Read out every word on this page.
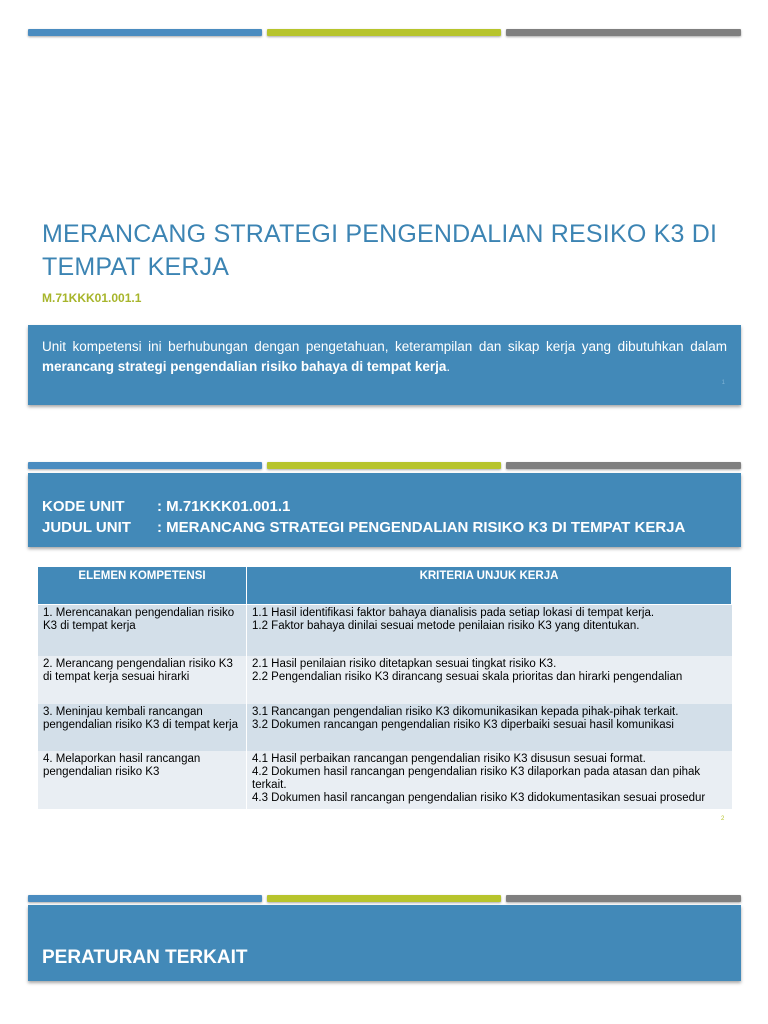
MERANCANG STRATEGI PENGENDALIAN RESIKO K3 DI TEMPAT KERJA
M.71KKK01.001.1

Unit kompetensi ini berhubungan dengan pengetahuan, keterampilan dan sikap kerja yang dibutuhkan dalam merancang strategi pengendalian risiko bahaya di tempat kerja.

1
KODE UNIT	: M.71KKK01.001.1
JUDUL UNIT	: MERANCANG STRATEGI PENGENDALIAN RISIKO K3 DI TEMPAT KERJA
ELEMEN KOMPETENSI	KRITERIA UNJUK KERJA
1. Merencanakan pengendalian risiko K3 di tempat kerja	1.1 Hasil identifikasi faktor bahaya dianalisis pada setiap lokasi di tempat kerja.
1.2 Faktor bahaya dinilai sesuai metode penilaian risiko K3 yang ditentukan.

2. Merancang pengendalian risiko K3 di tempat kerja sesuai hirarki	2.1 Hasil penilaian risiko ditetapkan sesuai tingkat risiko K3.
2.2 Pengendalian risiko K3 dirancang sesuai skala prioritas dan hirarki pengendalian

3. Meninjau kembali rancangan pengendalian risiko K3 di tempat kerja	3.1 Rancangan pengendalian risiko K3 dikomunikasikan kepada pihak-pihak terkait.
3.2 Dokumen rancangan pengendalian risiko K3 diperbaiki sesuai hasil komunikasi

4. Melaporkan hasil rancangan pengendalian risiko K3	4.1 Hasil perbaikan rancangan pengendalian risiko K3 disusun sesuai format.
4.2 Dokumen hasil rancangan pengendalian risiko K3 dilaporkan pada atasan dan pihak terkait.
4.3 Dokumen hasil rancangan pengendalian risiko K3 didokumentasikan sesuai prosedur
2
PERATURAN TERKAIT
